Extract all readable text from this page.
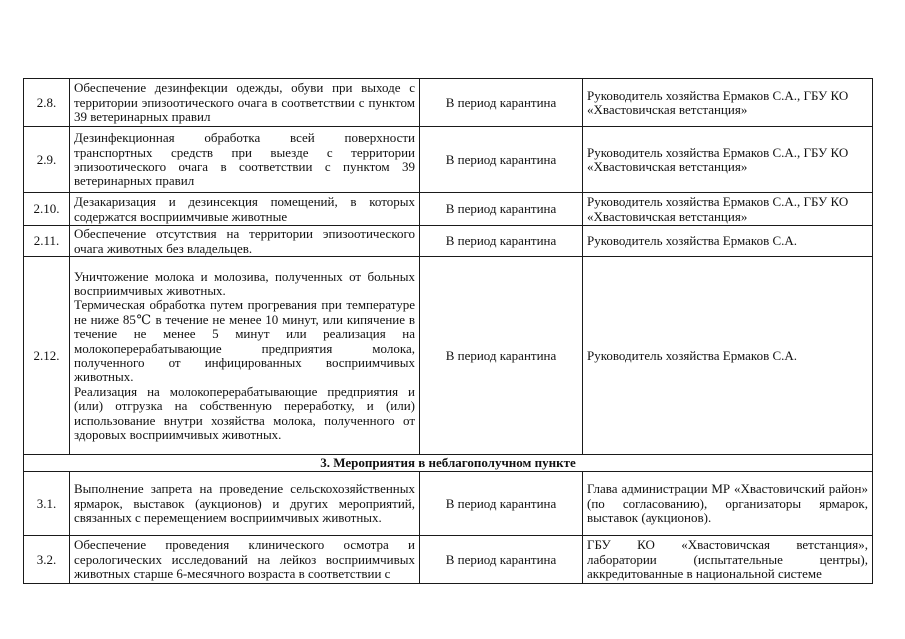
2.8.	Обеспечение дезинфекции одежды, обуви при выходе с территории эпизоотического очага в соответствии с пунктом 39 ветеринарных правил	В период карантина	Руководитель хозяйства Ермаков С.А., ГБУ КО «Хвастовичская ветстанция»
2.9.	Дезинфекционная обработка всей поверхности транспортных средств при выезде с территории эпизоотического очага в соответствии с пунктом 39 ветеринарных правил	В период карантина	Руководитель хозяйства Ермаков С.А., ГБУ КО «Хвастовичская ветстанция»
2.10.	Дезакаризация и дезинсекция помещений, в которых содержатся восприимчивые животные	В период карантина	Руководитель хозяйства Ермаков С.А., ГБУ КО «Хвастовичская ветстанция»
2.11.	Обеспечение отсутствия на территории эпизоотического очага животных без владельцев.	В период карантина	Руководитель хозяйства Ермаков С.А.
2.12.	Уничтожение молока и молозива, полученных от больных восприимчивых животных.
Термическая обработка путем прогревания при температуре не ниже 85℃ в течение не менее 10 минут, или кипячение в течение не менее 5 минут или реализация на молокоперерабатывающие предприятия молока, полученного от инфицированных восприимчивых животных.
Реализация на молокоперерабатывающие предприятия и (или) отгрузка на собственную переработку, и (или) использование внутри хозяйства молока, полученного от здоровых восприимчивых животных.	В период карантина	Руководитель хозяйства Ермаков С.А.
3. Мероприятия в неблагополучном пункте			
3.1.	Выполнение запрета на проведение сельскохозяйственных ярмарок, выставок (аукционов) и других мероприятий, связанных с перемещением восприимчивых животных.	В период карантина	Глава администрации МР «Хвастовичский район» (по согласованию), организаторы ярмарок, выставок (аукционов).
3.2.	Обеспечение проведения клинического осмотра и серологических исследований на лейкоз восприимчивых животных старше 6-месячного возраста в соответствии с	В период карантина	ГБУ КО «Хвастовичская ветстанция», лаборатории (испытательные центры), аккредитованные в национальной системе
